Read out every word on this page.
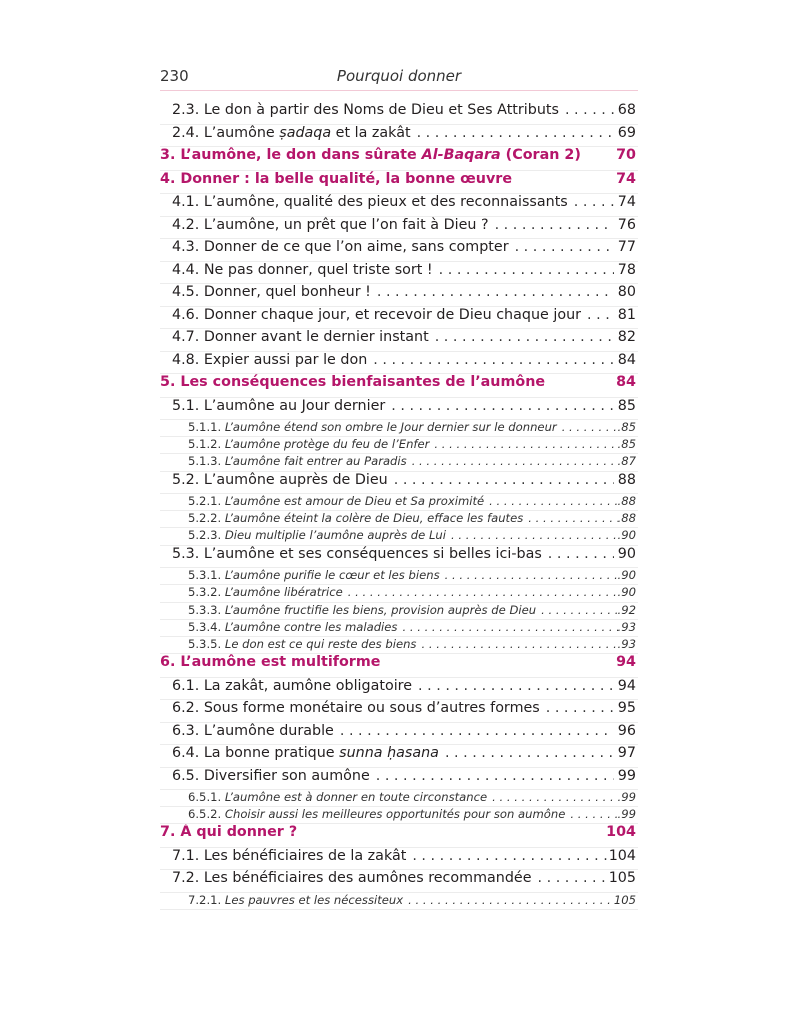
230	Pourquoi donner
2.3. Le don à partir des Noms de Dieu et Ses Attributs . . .	68
2.4. L’aumône ṣadaqa et la zakât . . .	69
3. L’aumône, le don dans sûrate Al-Baqara (Coran 2) 70
4. Donner : la belle qualité, la bonne œuvre	74
4.1. L’aumône, qualité des pieux et des reconnaissants . . .	74
4.2. L’aumône, un prêt que l’on fait à Dieu ? . . .	76
4.3. Donner de ce que l’on aime, sans compter . . .	77
4.4. Ne pas donner, quel triste sort ! . . .	78
4.5. Donner, quel bonheur ! . . .	80
4.6. Donner chaque jour, et recevoir de Dieu chaque jour . . .	81
4.7. Donner avant le dernier instant . . .	82
4.8. Expier aussi par le don . . .	84
5. Les conséquences bienfaisantes de l’aumône	84
5.1. L’aumône au Jour dernier . . .	85
5.1.1. L’aumône étend son ombre le Jour dernier sur le donneur . . .	. 85
5.1.2. L’aumône protège du feu de l’Enfer . . .	. 85
5.1.3. L’aumône fait entrer au Paradis . . .	. 87
5.2. L’aumône auprès de Dieu . . .	88
5.2.1. L’aumône est amour de Dieu et Sa proximité . . .	. 88
5.2.2. L’aumône éteint la colère de Dieu, efface les fautes . . .	. 88
5.2.3. Dieu multiplie l’aumône auprès de Lui . . .	. 90
5.3. L’aumône et ses conséquences si belles ici-bas . . .	90
5.3.1. L’aumône purifie le cœur et les biens . . .	. 90
5.3.2. L’aumône libératrice . . .	. 90
5.3.3. L’aumône fructifie les biens, provision auprès de Dieu . . .	. 92
5.3.4. L’aumône contre les maladies . . .	. 93
5.3.5. Le don est ce qui reste des biens . . .	. 93
6. L’aumône est multiforme	94
6.1. La zakât, aumône obligatoire . . .	94
6.2. Sous forme monétaire ou sous d’autres formes . . .	95
6.3. L’aumône durable . . .	96
6.4. La bonne pratique sunna ḥasana . . .	97
6.5. Diversifier son aumône . . .	99
6.5.1. L’aumône est à donner en toute circonstance . . .	. 99
6.5.2. Choisir aussi les meilleures opportunités pour son aumône . . .	. 99
7. À qui donner ?	104
7.1. Les bénéficiaires de la zakât . . .	104
7.2. Les bénéficiaires des aumônes recommandée . . .	105
7.2.1. Les pauvres et les nécessiteux . . .	105
